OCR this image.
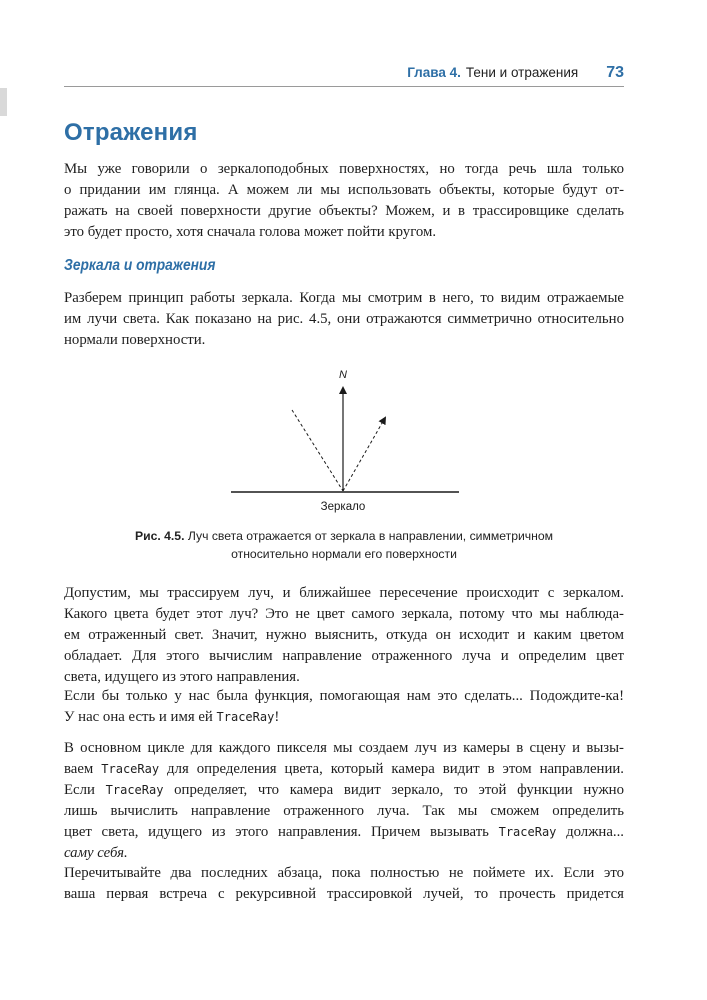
Глава 4. Тени и отражения 73
Отражения

Мы уже говорили о зеркалоподобных поверхностях, но тогда речь шла только
о придании им глянца. А можем ли мы использовать объекты, которые будут от-
ражать на своей поверхности другие объекты? Можем, и в трассировщике сделать
это будет просто, хотя сначала голова может пойти кругом.

Зеркала и отражения

Разберем принцип работы зеркала. Когда мы смотрим в него, то видим отражаемые
им лучи света. Как показано на рис. 4.5, они отражаются симметрично относительно
нормали поверхности.

N
Зеркало

Рис. 4.5. Луч света отражается от зеркала в направлении, симметричном
относительно нормали его поверхности

Допустим, мы трассируем луч, и ближайшее пересечение происходит с зеркалом.
Какого цвета будет этот луч? Это не цвет самого зеркала, потому что мы наблюда-
ем отраженный свет. Значит, нужно выяснить, откуда он исходит и каким цветом
обладает. Для этого вычислим направление отраженного луча и определим цвет
света, идущего из этого направления.

Если бы только у нас была функция, помогающая нам это сделать... Подождите-ка!
У нас она есть и имя ей TraceRay!

В основном цикле для каждого пикселя мы создаем луч из камеры в сцену и вызы-
ваем TraceRay для определения цвета, который камера видит в этом направлении.
Если TraceRay определяет, что камера видит зеркало, то этой функции нужно
лишь вычислить направление отраженного луча. Так мы сможем определить
цвет света, идущего из этого направления. Причем вызывать TraceRay должна...
саму себя.

Перечитывайте два последних абзаца, пока полностью не поймете их. Если это
ваша первая встреча с рекурсивной трассировкой лучей, то прочесть придется
